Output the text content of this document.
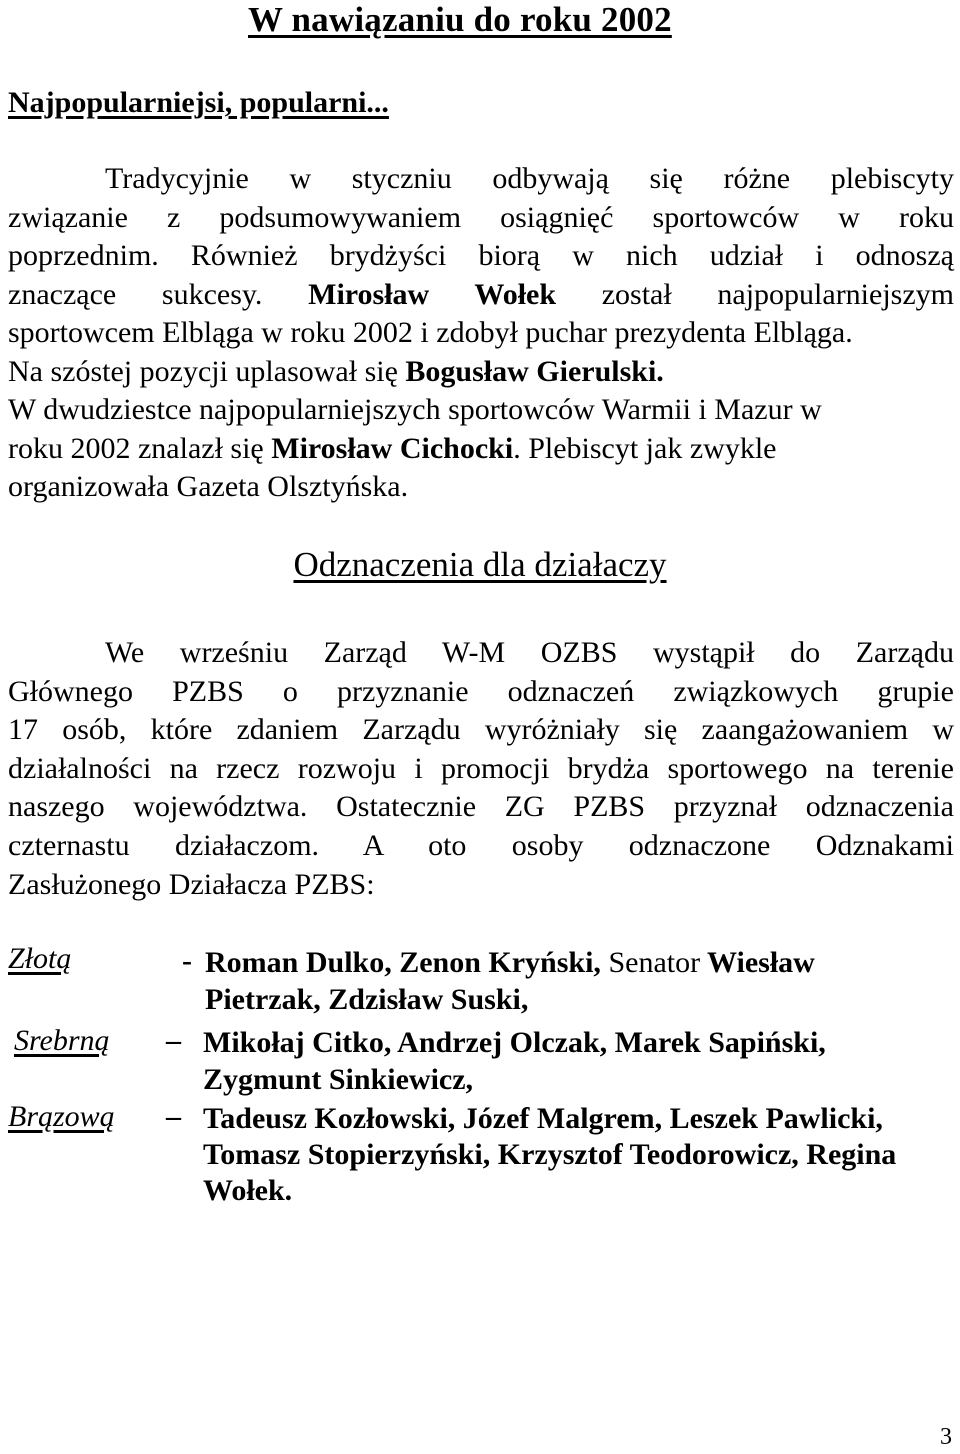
W nawiązaniu do roku 2002
Najpopularniejsi, popularni...
Tradycyjnie w styczniu odbywają się różne plebiscyty
związanie z podsumowywaniem osiągnięć sportowców w roku
poprzednim. Również brydżyści biorą w nich udział i odnoszą
znaczące sukcesy. Mirosław Wołek został najpopularniejszym
sportowcem Elbląga w roku 2002 i zdobył puchar prezydenta Elbląga.
Na szóstej pozycji uplasował się Bogusław Gierulski.
W dwudziestce najpopularniejszych sportowców Warmii i Mazur w
roku 2002 znalazł się Mirosław Cichocki. Plebiscyt jak zwykle
organizowała Gazeta Olsztyńska.
Odznaczenia dla działaczy
We wrześniu Zarząd W-M OZBS wystąpił do Zarządu
Głównego PZBS o przyznanie odznaczeń związkowych grupie
17 osób, które zdaniem Zarządu wyróżniały się zaangażowaniem w
działalności na rzecz rozwoju i promocji brydża sportowego na terenie
naszego województwa. Ostatecznie ZG PZBS przyznał odznaczenia
czternastu działaczom. A oto osoby odznaczone Odznakami
Zasłużonego Działacza PZBS:
Złotą	- Roman Dulko, Zenon Kryński, Senator Wiesław
Pietrzak, Zdzisław Suski,
Srebrną – Mikołaj Citko, Andrzej Olczak, Marek Sapiński,
Zygmunt Sinkiewicz,
Brązową – Tadeusz Kozłowski, Józef Malgrem, Leszek Pawlicki,
Tomasz Stopierzyński, Krzysztof Teodorowicz, Regina
Wołek.
3
